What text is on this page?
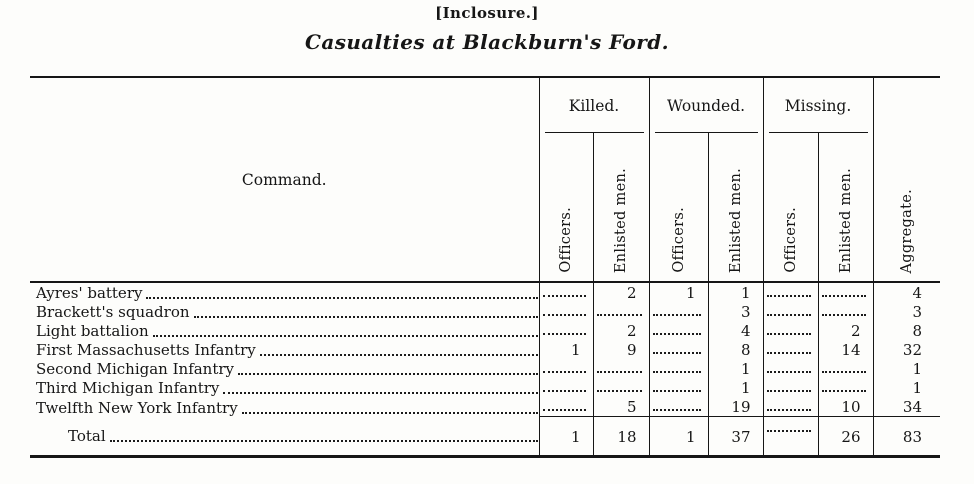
[Inclosure.]
Casualties at Blackburn's Ford.
Command.	Killed.		Wounded.		Missing.		Aggregate.

	Officers.	Enlisted men.	Officers.	Enlisted men.	Officers.	Enlisted men.	

Ayres' battery		2	1	1			4

Brackett's squadron				3			3

Light battalion		2		4		2	8

First Massachusetts Infantry	1	9		8		14	32

Second Michigan Infantry				1			1

Third Michigan Infantry				1			1

Twelfth New York Infantry		5		19		10	34

Total	1	18	1	37		26	83
